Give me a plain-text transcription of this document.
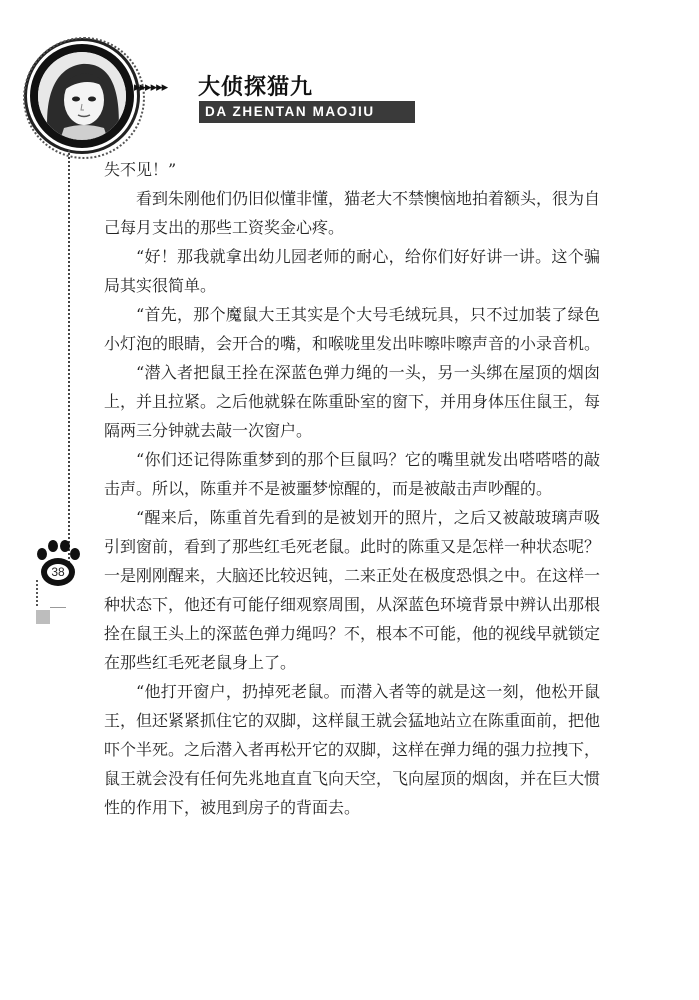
▸▸▸▸▸▸ 大侦探猫九
DA ZHENTAN MAOJIU
38

失不见！”

看到朱刚他们仍旧似懂非懂，猫老大不禁懊恼地拍着额头，很为自己每月支出的那些工资奖金心疼。

“好！那我就拿出幼儿园老师的耐心，给你们好好讲一讲。这个骗局其实很简单。

“首先，那个魔鼠大王其实是个大号毛绒玩具，只不过加装了绿色小灯泡的眼睛，会开合的嘴，和喉咙里发出咔嚓咔嚓声音的小录音机。

“潜入者把鼠王拴在深蓝色弹力绳的一头，另一头绑在屋顶的烟囱上，并且拉紧。之后他就躲在陈重卧室的窗下，并用身体压住鼠王，每隔两三分钟就去敲一次窗户。

“你们还记得陈重梦到的那个巨鼠吗？它的嘴里就发出嗒嗒嗒的敲击声。所以，陈重并不是被噩梦惊醒的，而是被敲击声吵醒的。

“醒来后，陈重首先看到的是被划开的照片，之后又被敲玻璃声吸引到窗前，看到了那些红毛死老鼠。此时的陈重又是怎样一种状态呢？一是刚刚醒来，大脑还比较迟钝，二来正处在极度恐惧之中。在这样一种状态下，他还有可能仔细观察周围，从深蓝色环境背景中辨认出那根拴在鼠王头上的深蓝色弹力绳吗？不，根本不可能，他的视线早就锁定在那些红毛死老鼠身上了。

“他打开窗户，扔掉死老鼠。而潜入者等的就是这一刻，他松开鼠王，但还紧紧抓住它的双脚，这样鼠王就会猛地站立在陈重面前，把他吓个半死。之后潜入者再松开它的双脚，这样在弹力绳的强力拉拽下，鼠王就会没有任何先兆地直直飞向天空，飞向屋顶的烟囱，并在巨大惯性的作用下，被甩到房子的背面去。
